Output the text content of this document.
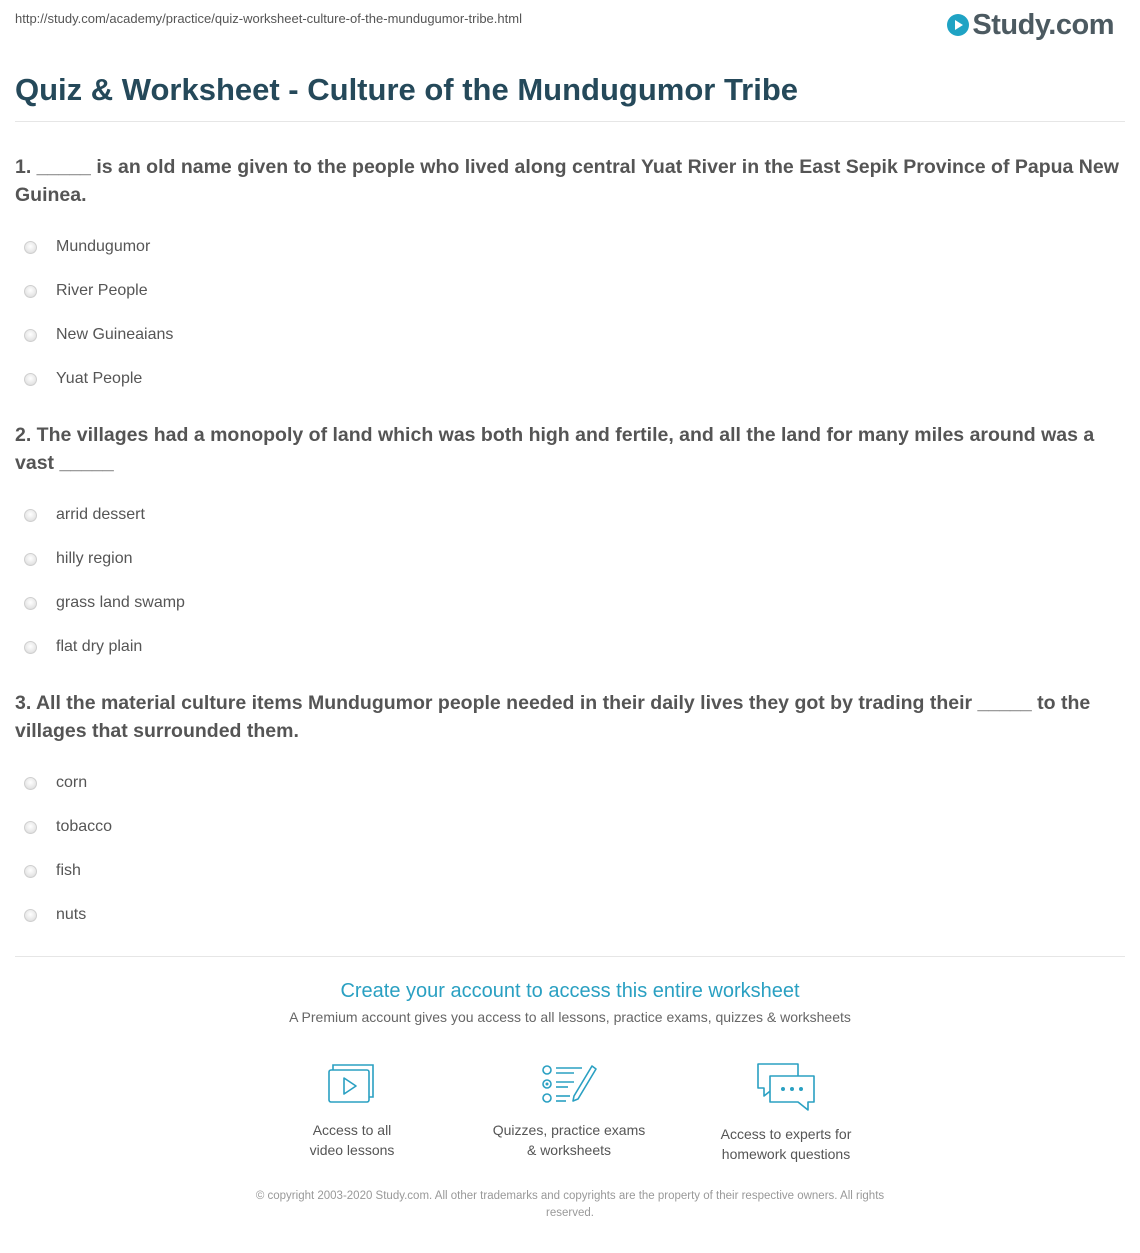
http://study.com/academy/practice/quiz-worksheet-culture-of-the-mundugumor-tribe.html	Study.com
Quiz & Worksheet - Culture of the Mundugumor Tribe
1. _____ is an old name given to the people who lived along central Yuat River in the East Sepik Province of Papua New Guinea.
Mundugumor
River People
New Guineaians
Yuat People
2. The villages had a monopoly of land which was both high and fertile, and all the land for many miles around was a vast _____
arrid dessert
hilly region
grass land swamp
flat dry plain
3. All the material culture items Mundugumor people needed in their daily lives they got by trading their _____ to the villages that surrounded them.
corn
tobacco
fish
nuts
Create your account to access this entire worksheet
A Premium account gives you access to all lessons, practice exams, quizzes & worksheets
Access to all
video lessons
Quizzes, practice exams
& worksheets
Access to experts for
homework questions
© copyright 2003-2020 Study.com. All other trademarks and copyrights are the property of their respective owners. All rights
reserved.
